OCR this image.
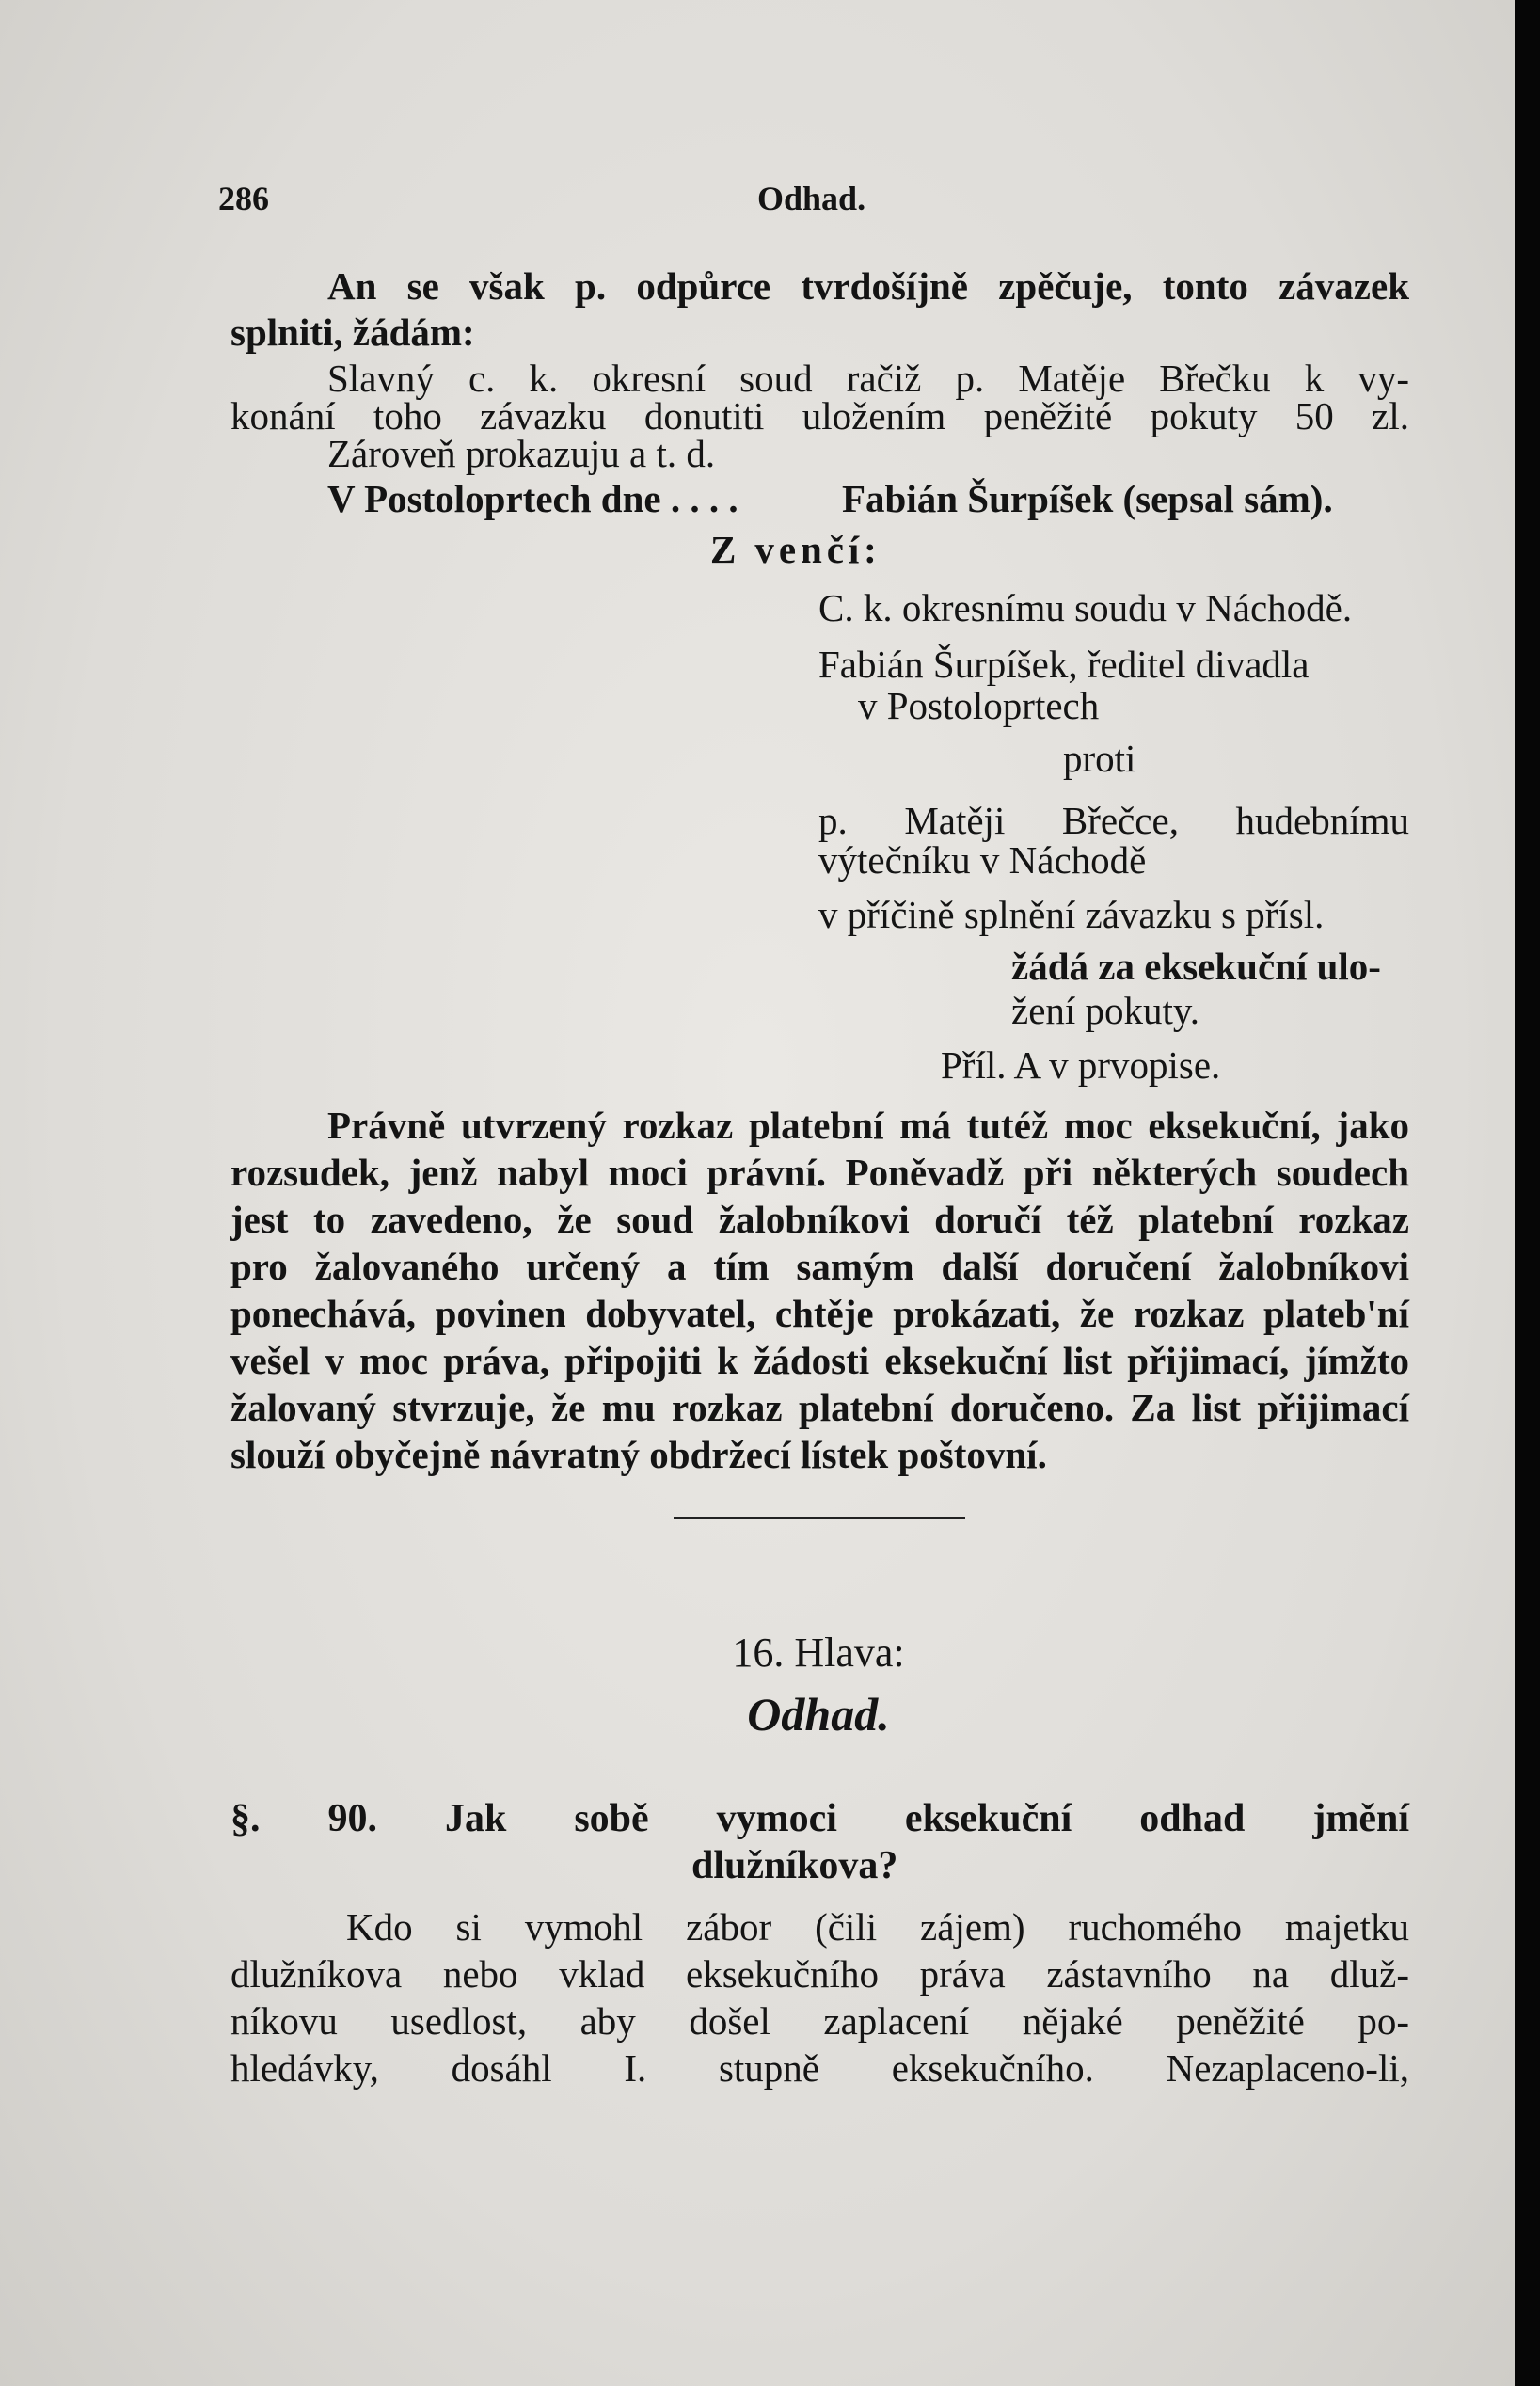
286	Odhad.
An se však p. odpůrce tvrdošíjně zpěčuje, tonto závazek
splniti, žádám:
Slavný c. k. okresní soud račiž p. Matěje Břečku k vy-
konání toho závazku donutiti uložením peněžité pokuty 50 zl.
Zároveň prokazuju a t. d.
V Postoloprtech dne . . . .	Fabián Šurpíšek (sepsal sám).
Z venčí:
C. k. okresnímu soudu v Náchodě.
Fabián Šurpíšek, ředitel divadla
v Postoloprtech
proti
p. Matěji Břečce, hudebnímu
výtečníku v Náchodě
v příčině splnění závazku s přísl.
žádá za eksekuční ulo-
žení pokuty.
Příl. A v prvopise.
Právně utvrzený rozkaz platební má tutéž moc eksekuční, jako
rozsudek, jenž nabyl moci právní. Poněvadž při některých soudech
jest to zavedeno, že soud žalobníkovi doručí též platební rozkaz
pro žalovaného určený a tím samým další doručení žalobníkovi
ponechává, povinen dobyvatel, chtěje prokázati, že rozkaz plateb'ní
vešel v moc práva, připojiti k žádosti eksekuční list přijimací, jímžto
žalovaný stvrzuje, že mu rozkaz platební doručeno. Za list přijimací
slouží obyčejně návratný obdržecí lístek poštovní.
16. Hlava:
Odhad.
§. 90. Jak sobě vymoci eksekuční odhad jmění
dlužníkova?
Kdo si vymohl zábor (čili zájem) ruchomého majetku
dlužníkova nebo vklad eksekučního práva zástavního na dluž-
níkovu usedlost, aby došel zaplacení nějaké peněžité po-
hledávky, dosáhl I. stupně eksekučního. Nezaplaceno-li,
